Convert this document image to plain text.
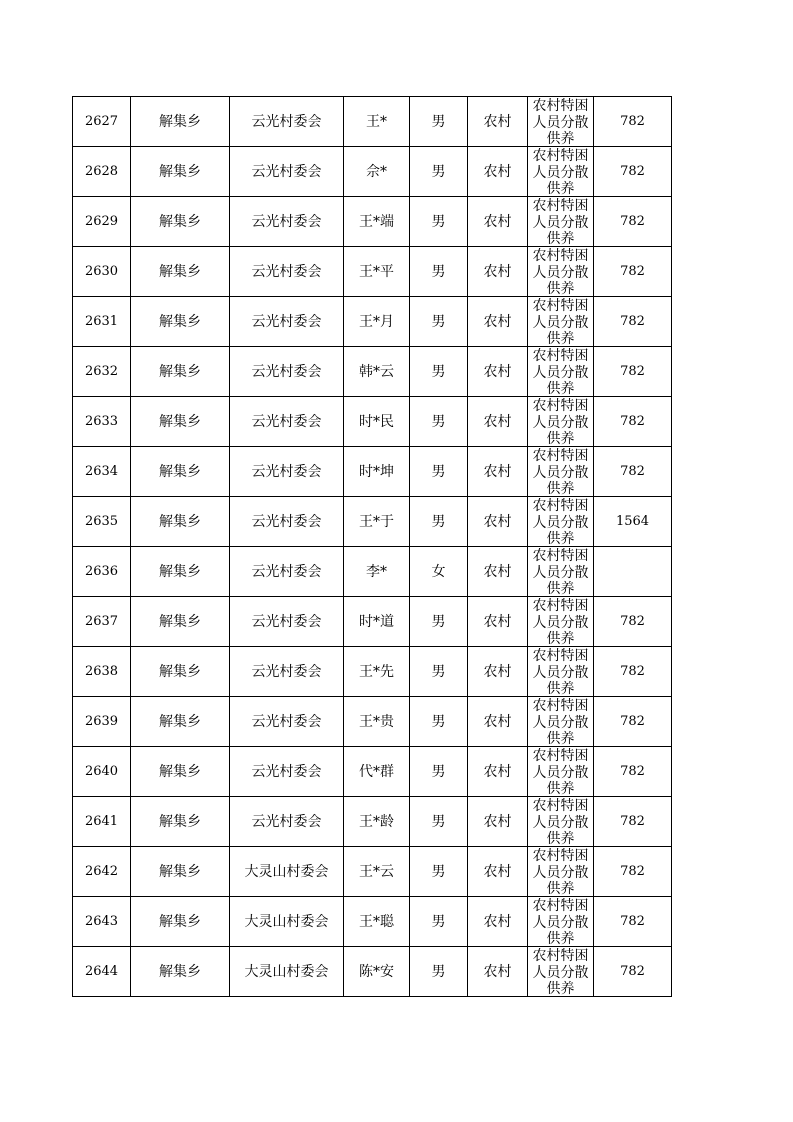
2627	解集乡	云光村委会	王*	男	农村	农村特困人员分散供养	782
2628	解集乡	云光村委会	佘*	男	农村	农村特困人员分散供养	782
2629	解集乡	云光村委会	王*端	男	农村	农村特困人员分散供养	782
2630	解集乡	云光村委会	王*平	男	农村	农村特困人员分散供养	782
2631	解集乡	云光村委会	王*月	男	农村	农村特困人员分散供养	782
2632	解集乡	云光村委会	韩*云	男	农村	农村特困人员分散供养	782
2633	解集乡	云光村委会	时*民	男	农村	农村特困人员分散供养	782
2634	解集乡	云光村委会	时*坤	男	农村	农村特困人员分散供养	782
2635	解集乡	云光村委会	王*于	男	农村	农村特困人员分散供养	1564
2636	解集乡	云光村委会	李*	女	农村	农村特困人员分散供养	

2637	解集乡	云光村委会	时*道	男	农村	农村特困人员分散供养	782
2638	解集乡	云光村委会	王*先	男	农村	农村特困人员分散供养	782
2639	解集乡	云光村委会	王*贵	男	农村	农村特困人员分散供养	782
2640	解集乡	云光村委会	代*群	男	农村	农村特困人员分散供养	782
2641	解集乡	云光村委会	王*龄	男	农村	农村特困人员分散供养	782
2642	解集乡	大灵山村委会	王*云	男	农村	农村特困人员分散供养	782
2643	解集乡	大灵山村委会	王*聪	男	农村	农村特困人员分散供养	782
2644	解集乡	大灵山村委会	陈*安	男	农村	农村特困人员分散供养	782
